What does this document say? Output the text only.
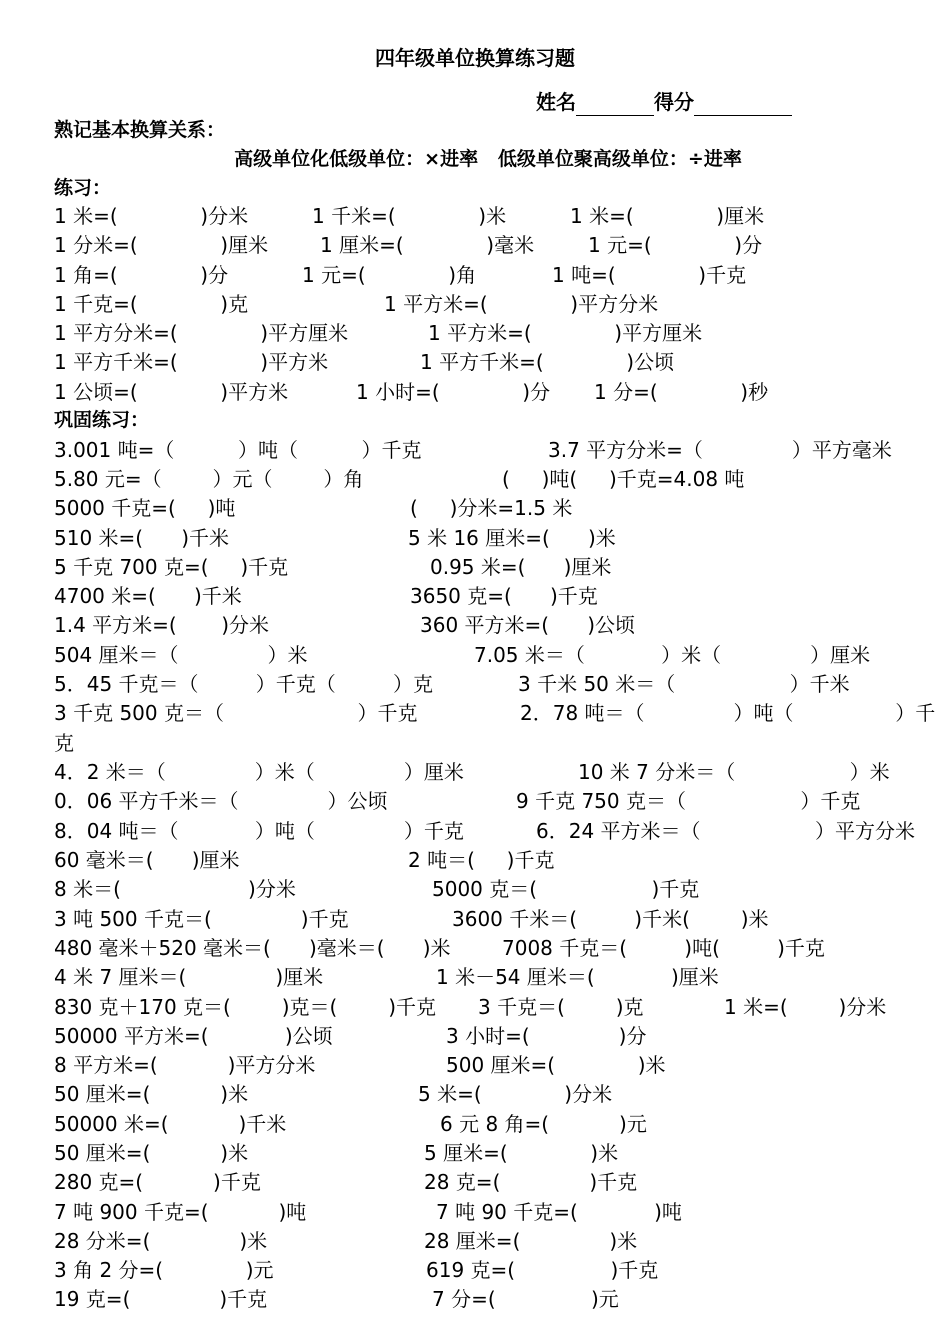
四年级单位换算练习题
姓名	得分
熟记基本换算关系：
高级单位化低级单位：×进率   低级单位聚高级单位：÷进率
练习：
1 米=(             )分米	1 千米=(             )米	1 米=(             )厘米
1 分米=(             )厘米	1 厘米=(             )毫米	1 元=(             )分
1 角=(             )分	1 元=(             )角	1 吨=(             )千克
1 千克=(             )克	1 平方米=(             )平方分米
1 平方分米=(             )平方厘米	1 平方米=(             )平方厘米
1 平方千米=(             )平方米	1 平方千米=(             )公顷
1 公顷=(             )平方米	1 小时=(             )分 1 分=(             )秒
巩固练习：
3.001 吨=（          ）吨（          ）千克	3.7 平方分米=（              ）平方毫米
5.80 元=（        ）元（        ）角	(     )吨(     )千克=4.08 吨
5000 千克=(     )吨	(     )分米=1.5 米
510 米=(      )千米	5 米 16 厘米=(      )米
5 千克 700 克=(     )千克	0.95 米=(      )厘米
4700 米=(      )千米	3650 克=(      )千克
1.4 平方米=(       )分米	360 平方米=(      )公顷
504 厘米＝（              ）米	7.05 米＝（            ）米（              ）厘米
5．45 千克＝（         ）千克（         ）克	3 千米 50 米＝（                  ）千米
3 千克 500 克＝（                     ）千克	2．78 吨＝（              ）吨（                ）千
克
4．2 米＝（              ）米（              ）厘米	10 米 7 分米＝（                  ）米
0．06 平方千米＝（              ）公顷	9 千克 750 克＝（                  ）千克
8．04 吨＝（            ）吨（              ）千克	6．24 平方米＝（                  ）平方分米
60 毫米＝(      )厘米	2 吨＝(     )千克
8 米＝(                    )分米	5000 克＝(                  )千克
3 吨 500 千克＝(              )千克	3600 千米＝(         )千米(        )米
480 毫米＋520 毫米＝(      )毫米＝(      )米	7008 千克＝(         )吨(         )千克
4 米 7 厘米＝(              )厘米	1 米－54 厘米＝(            )厘米
830 克＋170 克＝(        )克＝(        )千克 3 千克＝(        )克	1 米=(        )分米
50000 平方米=(            )公顷	3 小时=(              )分
8 平方米=(           )平方分米	500 厘米=(             )米
50 厘米=(           )米	5 米=(             )分米
50000 米=(           )千米	6 元 8 角=(           )元
50 厘米=(           )米	5 厘米=(             )米
280 克=(           )千克	28 克=(              )千克
7 吨 900 千克=(           )吨	7 吨 90 千克=(            )吨
28 分米=(              )米	28 厘米=(              )米
3 角 2 分=(             )元	619 克=(               )千克
19 克=(              )千克	7 分=(               )元
